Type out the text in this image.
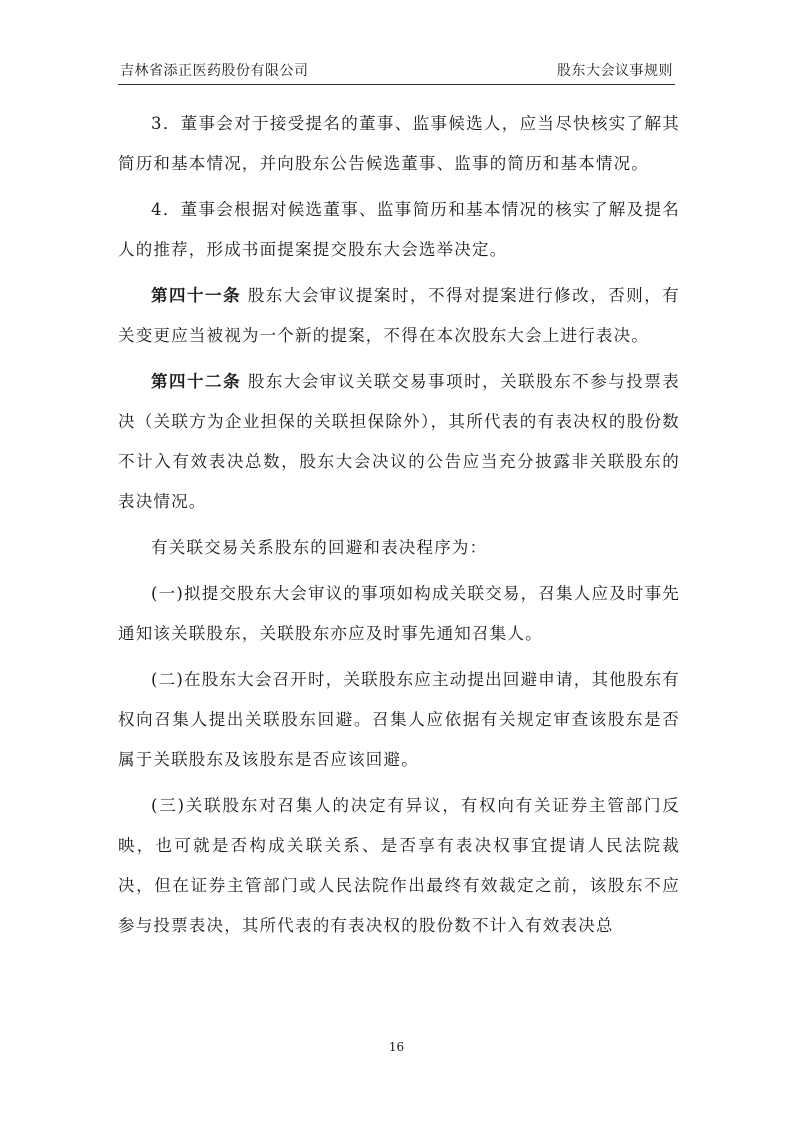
吉林省添正医药股份有限公司	股东大会议事规则

3．董事会对于接受提名的董事、监事候选人，应当尽快核实了解其简历和基本情况，并向股东公告候选董事、监事的简历和基本情况。

4．董事会根据对候选董事、监事简历和基本情况的核实了解及提名人的推荐，形成书面提案提交股东大会选举决定。

第四十一条 股东大会审议提案时，不得对提案进行修改，否则，有关变更应当被视为一个新的提案，不得在本次股东大会上进行表决。

第四十二条 股东大会审议关联交易事项时，关联股东不参与投票表决（关联方为企业担保的关联担保除外），其所代表的有表决权的股份数不计入有效表决总数，股东大会决议的公告应当充分披露非关联股东的表决情况。

有关联交易关系股东的回避和表决程序为：

(一)拟提交股东大会审议的事项如构成关联交易，召集人应及时事先通知该关联股东，关联股东亦应及时事先通知召集人。

(二)在股东大会召开时，关联股东应主动提出回避申请，其他股东有权向召集人提出关联股东回避。召集人应依据有关规定审查该股东是否属于关联股东及该股东是否应该回避。

(三)关联股东对召集人的决定有异议，有权向有关证券主管部门反映，也可就是否构成关联关系、是否享有表决权事宜提请人民法院裁决，但在证券主管部门或人民法院作出最终有效裁定之前，该股东不应参与投票表决，其所代表的有表决权的股份数不计入有效表决总

16
